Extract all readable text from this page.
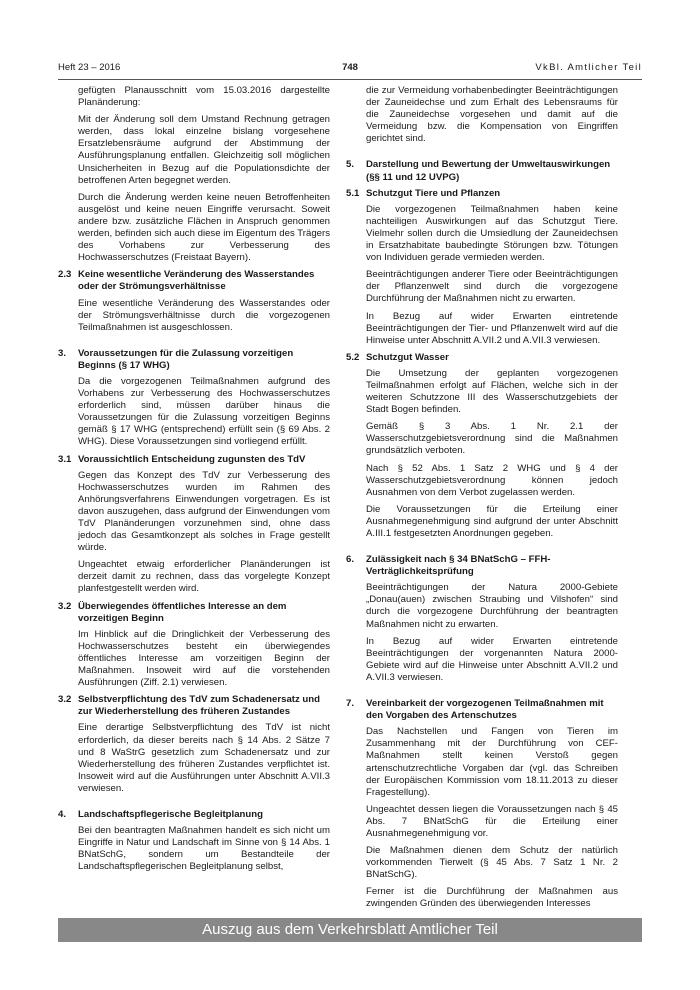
Heft 23 – 2016	748	VkBl. Amtlicher Teil

gefügten Planausschnitt vom 15.03.2016 dargestellte Planänderung:

Mit der Änderung soll dem Umstand Rechnung getragen werden, dass lokal einzelne bislang vorgesehene Ersatzlebensräume aufgrund der Abstimmung der Ausführungsplanung entfallen. Gleichzeitig soll möglichen Unsicherheiten in Bezug auf die Populationsdichte der betroffenen Arten begegnet werden.

Durch die Änderung werden keine neuen Betroffenheiten ausgelöst und keine neuen Eingriffe verursacht. Soweit andere bzw. zusätzliche Flächen in Anspruch genommen werden, befinden sich auch diese im Eigentum des Trägers des Vorhabens zur Verbesserung des Hochwasserschutzes (Freistaat Bayern).

2.3 Keine wesentliche Veränderung des Wasserstandes oder der Strömungsverhältnisse

Eine wesentliche Veränderung des Wasserstandes oder der Strömungsverhältnisse durch die vorgezogenen Teilmaßnahmen ist ausgeschlossen.

3. Voraussetzungen für die Zulassung vorzeitigen Beginns (§ 17 WHG)

Da die vorgezogenen Teilmaßnahmen aufgrund des Vorhabens zur Verbesserung des Hochwasserschutzes erforderlich sind, müssen darüber hinaus die Voraussetzungen für die Zulassung vorzeitigen Beginns gemäß § 17 WHG (entsprechend) erfüllt sein (§ 69 Abs. 2 WHG). Diese Voraussetzungen sind vorliegend erfüllt.

3.1 Voraussichtlich Entscheidung zugunsten des TdV

Gegen das Konzept des TdV zur Verbesserung des Hochwasserschutzes wurden im Rahmen des Anhörungsverfahrens Einwendungen vorgetragen. Es ist davon auszugehen, dass aufgrund der Einwendungen vom TdV Planänderungen vorzunehmen sind, ohne dass jedoch das Gesamtkonzept als solches in Frage gestellt würde.

Ungeachtet etwaig erforderlicher Planänderungen ist derzeit damit zu rechnen, dass das vorgelegte Konzept planfestgestellt werden wird.

3.2 Überwiegendes öffentliches Interesse an dem vorzeitigen Beginn

Im Hinblick auf die Dringlichkeit der Verbesserung des Hochwasserschutzes besteht ein überwiegendes öffentliches Interesse am vorzeitigen Beginn der Maßnahmen. Insoweit wird auf die vorstehenden Ausführungen (Ziff. 2.1) verwiesen.

3.2 Selbstverpflichtung des TdV zum Schadenersatz und zur Wiederherstellung des früheren Zustandes

Eine derartige Selbstverpflichtung des TdV ist nicht erforderlich, da dieser bereits nach § 14 Abs. 2 Sätze 7 und 8 WaStrG gesetzlich zum Schadenersatz und zur Wiederherstellung des früheren Zustandes verpflichtet ist. Insoweit wird auf die Ausführungen unter Abschnitt A.VII.3 verwiesen.

4. Landschaftspflegerische Begleitplanung

Bei den beantragten Maßnahmen handelt es sich nicht um Eingriffe in Natur und Landschaft im Sinne von § 14 Abs. 1 BNatSchG, sondern um Bestandteile der Landschaftspflegerischen Begleitplanung selbst,

die zur Vermeidung vorhabenbedingter Beeinträchtigungen der Zauneidechse und zum Erhalt des Lebensraums für die Zauneidechse vorgesehen und damit auf die Vermeidung bzw. die Kompensation von Eingriffen gerichtet sind.

5. Darstellung und Bewertung der Umweltauswirkungen (§§ 11 und 12 UVPG)
5.1 Schutzgut Tiere und Pflanzen

Die vorgezogenen Teilmaßnahmen haben keine nachteiligen Auswirkungen auf das Schutzgut Tiere. Vielmehr sollen durch die Umsiedlung der Zauneidechsen in Ersatzhabitate baubedingte Störungen bzw. Tötungen von Individuen gerade vermieden werden.

Beeinträchtigungen anderer Tiere oder Beeinträchtigungen der Pflanzenwelt sind durch die vorgezogene Durchführung der Maßnahmen nicht zu erwarten.

In Bezug auf wider Erwarten eintretende Beeinträchtigungen der Tier- und Pflanzenwelt wird auf die Hinweise unter Abschnitt A.VII.2 und A.VII.3 verwiesen.

5.2 Schutzgut Wasser

Die Umsetzung der geplanten vorgezogenen Teilmaßnahmen erfolgt auf Flächen, welche sich in der weiteren Schutzzone III des Wasserschutzgebiets der Stadt Bogen befinden.

Gemäß § 3 Abs. 1 Nr. 2.1 der Wasserschutzgebietsverordnung sind die Maßnahmen grundsätzlich verboten.

Nach § 52 Abs. 1 Satz 2 WHG und § 4 der Wasserschutzgebietsverordnung können jedoch Ausnahmen von dem Verbot zugelassen werden.

Die Voraussetzungen für die Erteilung einer Ausnahmegenehmigung sind aufgrund der unter Abschnitt A.III.1 festgesetzten Anordnungen gegeben.

6. Zulässigkeit nach § 34 BNatSchG – FFH-Verträglichkeitsprüfung

Beeinträchtigungen der Natura 2000-Gebiete „Donau(auen) zwischen Straubing und Vilshofen“ sind durch die vorgezogene Durchführung der beantragten Maßnahmen nicht zu erwarten.

In Bezug auf wider Erwarten eintretende Beeinträchtigungen der vorgenannten Natura 2000-Gebiete wird auf die Hinweise unter Abschnitt A.VII.2 und A.VII.3 verwiesen.

7. Vereinbarkeit der vorgezogenen Teilmaßnahmen mit den Vorgaben des Artenschutzes

Das Nachstellen und Fangen von Tieren im Zusammenhang mit der Durchführung von CEF-Maßnahmen stellt keinen Verstoß gegen artenschutzrechtliche Vorgaben dar (vgl. das Schreiben der Europäischen Kommission vom 18.11.2013 zu dieser Fragestellung).

Ungeachtet dessen liegen die Voraussetzungen nach § 45 Abs. 7 BNatSchG für die Erteilung einer Ausnahmegenehmigung vor.

Die Maßnahmen dienen dem Schutz der natürlich vorkommenden Tierwelt (§ 45 Abs. 7 Satz 1 Nr. 2 BNatSchG).

Ferner ist die Durchführung der Maßnahmen aus zwingenden Gründen des überwiegenden Interesses

Auszug aus dem Verkehrsblatt Amtlicher Teil
